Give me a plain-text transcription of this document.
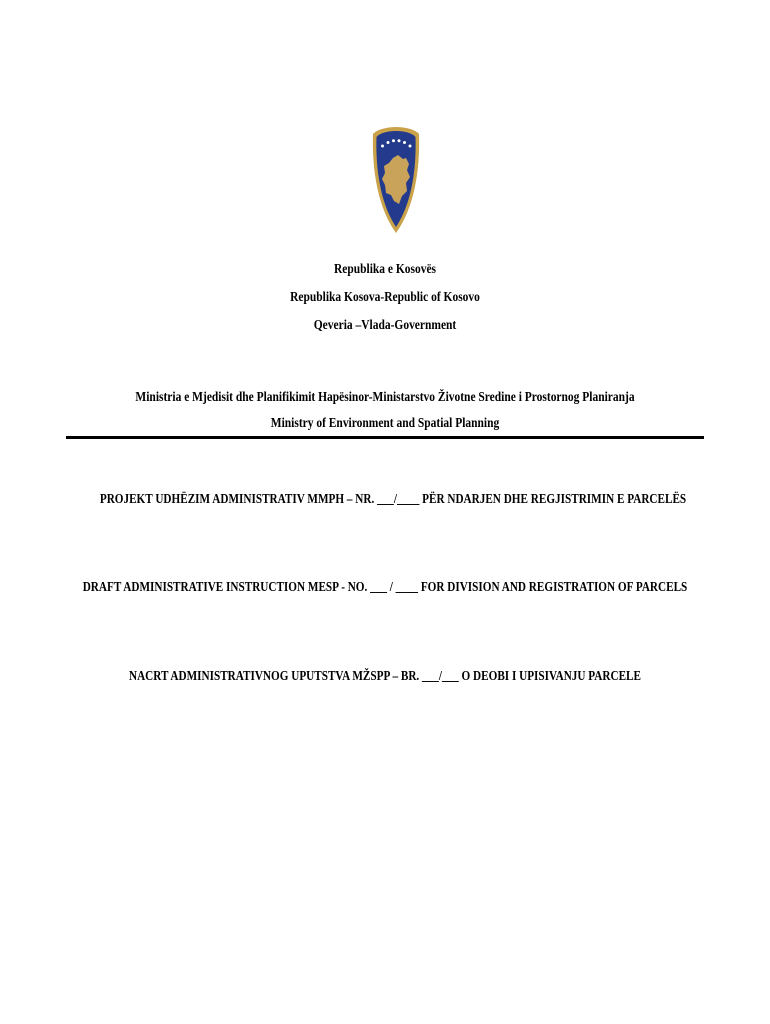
Republika e Kosovës
Republika Kosova-Republic of Kosovo
Qeveria –Vlada-Government
Ministria e Mjedisit dhe Planifikimit Hapësinor-Ministarstvo Životne Sredine i Prostornog Planiranja
Ministry of Environment and Spatial Planning
PROJEKT UDHËZIM ADMINISTRATIV MMPH – NR. ___/____ PËR NDARJEN DHE REGJISTRIMIN E PARCELËS
DRAFT ADMINISTRATIVE INSTRUCTION MESP - NO. ___ / ____ FOR DIVISION AND REGISTRATION OF PARCELS
NACRT ADMINISTRATIVNOG UPUTSTVA MŽSPP – BR. ___/___ O DEOBI I UPISIVANJU PARCELE
